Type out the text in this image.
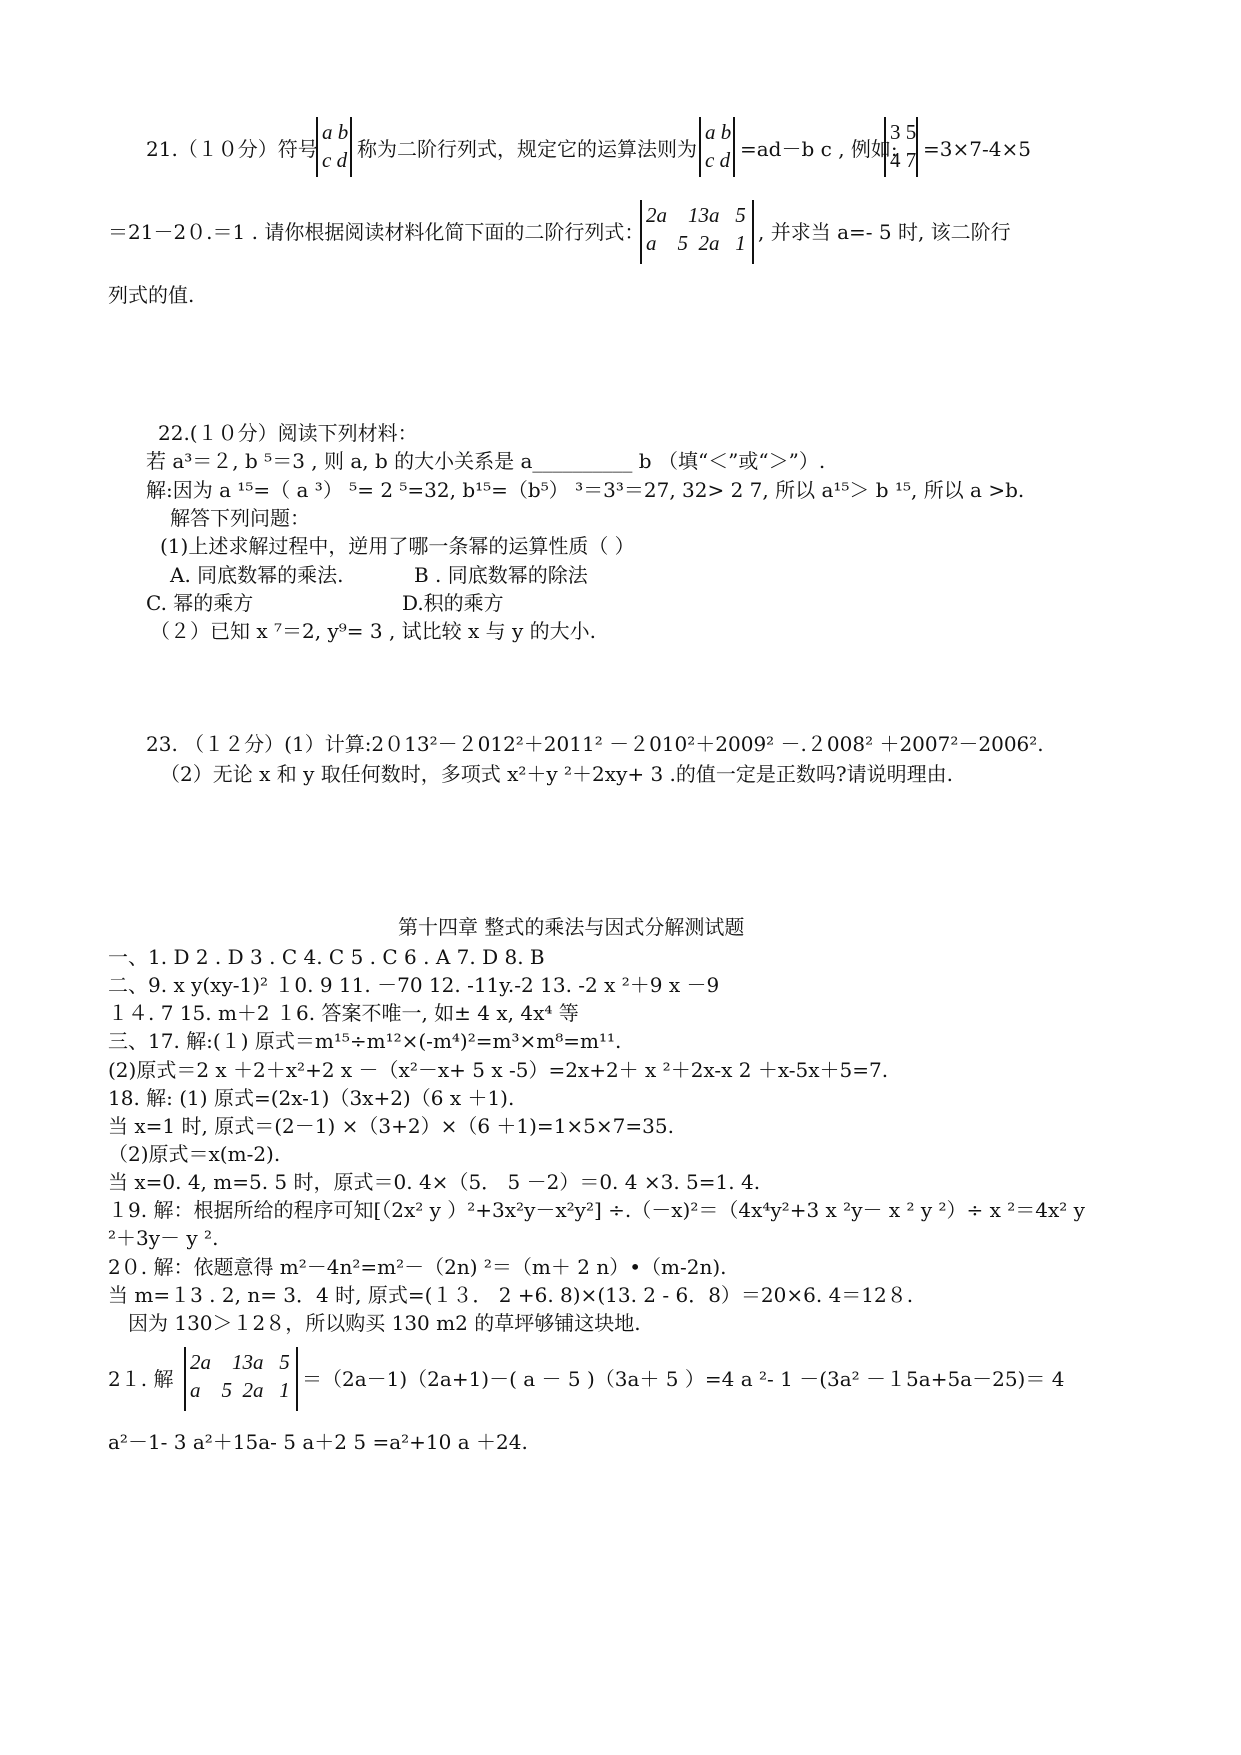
21.（１０分）符号
a b
c d 称为二阶行列式，规定它的运算法则为
a b
c d =ad－b c , 例如:
3 5
4 7 =3×7-4×5
＝21－2０.＝1 . 请你根据阅读材料化简下面的二阶行列式：
2a    13a   5
a    5  2a   1 , 并求当 a=- 5 时, 该二阶行
列式的值.
22.(１０分）阅读下列材料：
若 a³＝２, b ⁵＝3 , 则 a, b 的大小关系是 a__________ b （填“＜”或“＞”）.
解:因为 a ¹⁵=（ a ³） ⁵= 2 ⁵=32, b¹⁵=（b⁵） ³＝3³＝27, 32> 2 7, 所以 a¹⁵＞ b ¹⁵, 所以 a >b.
解答下列问题：
(1)上述求解过程中，逆用了哪一条幂的运算性质（ ）
A. 同底数幂的乘法.	B . 同底数幂的除法
C. 幂的乘方	D.积的乘方
（２）已知 x ⁷＝2, y⁹= 3 , 试比较 x 与 y 的大小.
23. （１２分）(1）计算:2０13²－２012²＋2011² －２010²＋2009² －.２008² ＋2007²－2006².
（2）无论 x 和 y 取任何数时，多项式 x²＋y ²＋2xy+ 3 .的值一定是正数吗?请说明理由.
第十四章 整式的乘法与因式分解测试题
一、1. D 2 . D 3 . C 4. C 5 . C 6 . A 7. D 8. B
二、9. x y(xy-1)² １0. 9 11. －70 12. -11y.-2 13. -2 x ²＋9 x －9
１４. 7 15. m＋2 １6. 答案不唯一, 如± 4 x, 4x⁴ 等
三、17. 解:(１) 原式＝m¹⁵÷m¹²×(-m⁴)²=m³×m⁸=m¹¹.
(2)原式＝2 x ＋2＋x²+2 x －（x²－x+ 5 x -5）=2x+2＋ x ²＋2x-x 2 ＋x-5x＋5=7.
18. 解: (1) 原式=(2x-1)（3x+2)（6 x ＋1).
当 x=1 时, 原式＝(2－1) ×（3+2）×（6 ＋1)=1×5×7=35.
（2)原式＝x(m-2).
当 x=0. 4, m=5. 5 时，原式＝0. 4×（5． 5 －2）＝0. 4 ×3. 5=1. 4.
１9. 解：根据所给的程序可知[（2x² y ）²+3x²y－x²y²] ÷.（－x)²＝（4x⁴y²+3 x ²y－ x ² y ²）÷ x ²＝4x² y
²＋3y－ y ².
2０. 解：依题意得 m²－4n²=m²－（2n) ²＝（m＋ 2 n）•（m-2n).
当 m=１3 . 2, n= 3．4 时, 原式=(１３． 2 +6. 8)×(13. 2 - 6．8）＝20×6. 4＝12８.
因为 130＞１2８，所以购买 130 m2 的草坪够铺这块地.
2１. 解
2a    13a   5
a    5  2a   1 ＝（2a－1)（2a+1)－( a － 5 )（3a＋ 5 ）=4 a ²- 1 －(3a² －１5a+5a－25)＝ 4
a²－1- 3 a²＋15a- 5 a＋2 5 =a²+10 a ＋24.
